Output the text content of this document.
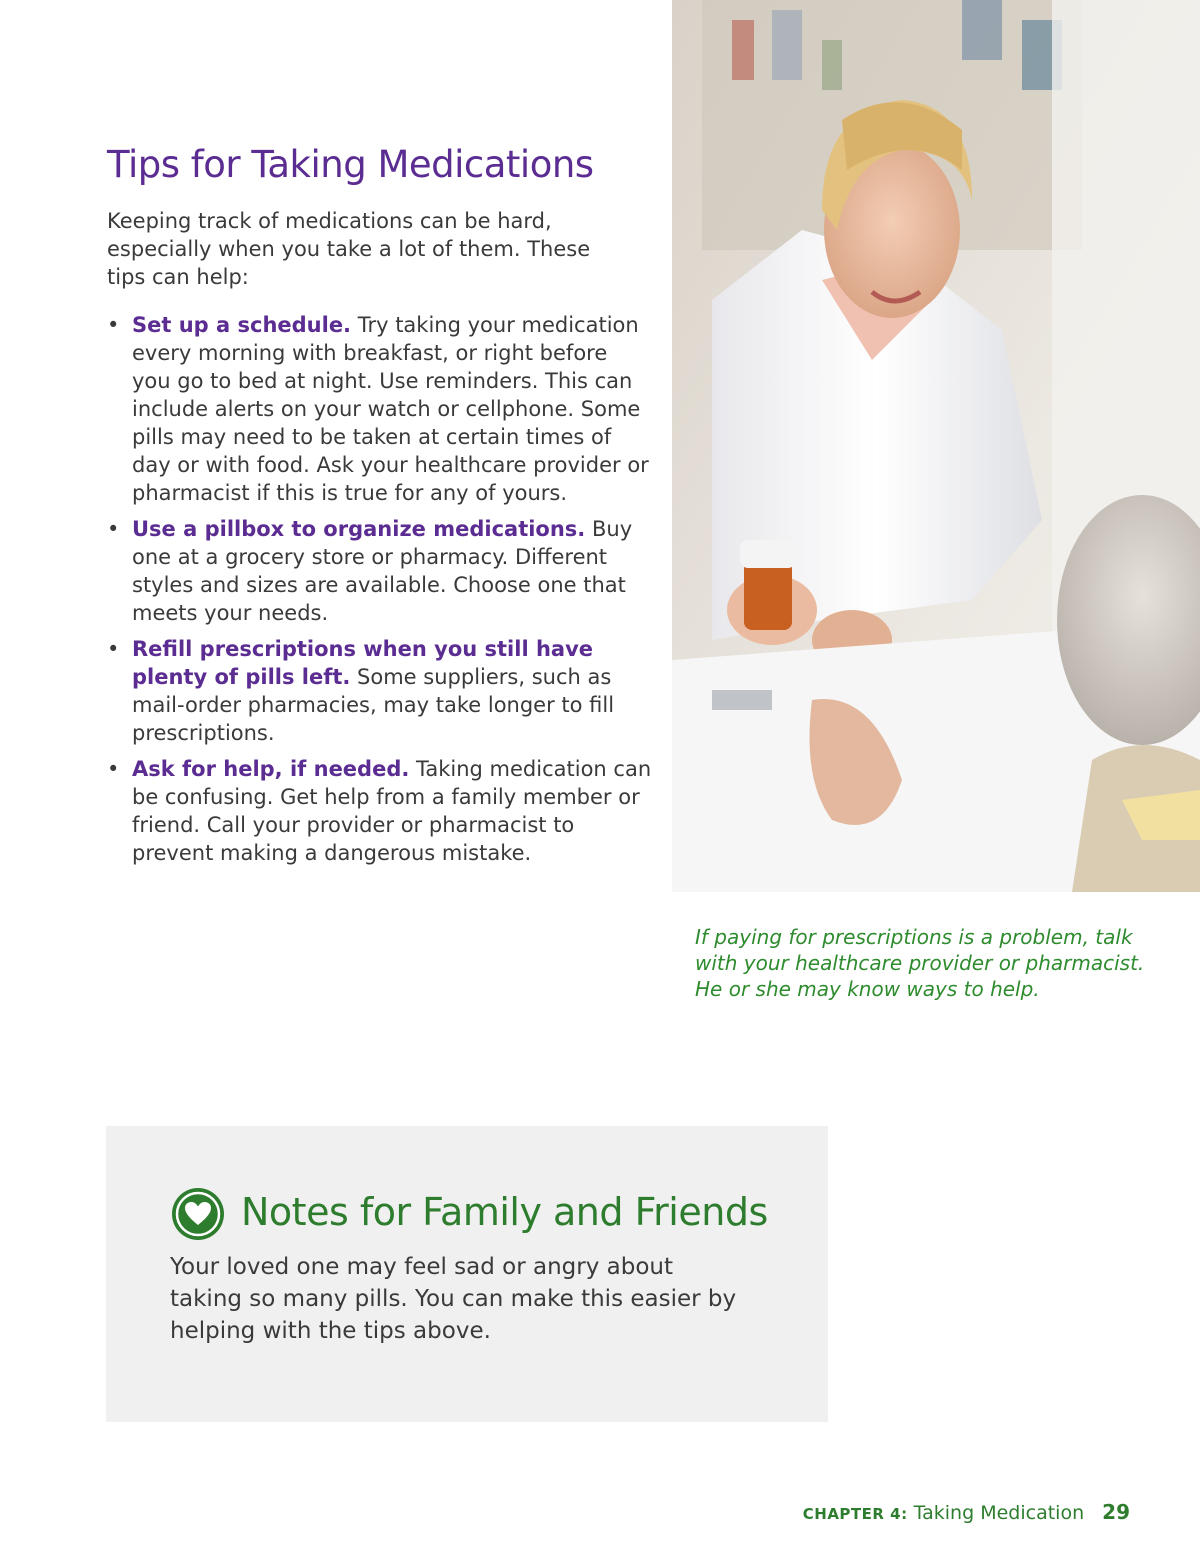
Tips for Taking Medications

Keeping track of medications can be hard, especially when you take a lot of them. These tips can help:

• Set up a schedule. Try taking your medication every morning with breakfast, or right before you go to bed at night. Use reminders. This can include alerts on your watch or cellphone. Some pills may need to be taken at certain times of day or with food. Ask your healthcare provider or pharmacist if this is true for any of yours.
• Use a pillbox to organize medications. Buy one at a grocery store or pharmacy. Different styles and sizes are available. Choose one that meets your needs.
• Refill prescriptions when you still have plenty of pills left. Some suppliers, such as mail-order pharmacies, may take longer to fill prescriptions.
• Ask for help, if needed. Taking medication can be confusing. Get help from a family member or friend. Call your provider or pharmacist to prevent making a dangerous mistake.

If paying for prescriptions is a problem, talk with your healthcare provider or pharmacist. He or she may know ways to help.

Notes for Family and Friends

Your loved one may feel sad or angry about taking so many pills. You can make this easier by helping with the tips above.

CHAPTER 4: Taking Medication 29
